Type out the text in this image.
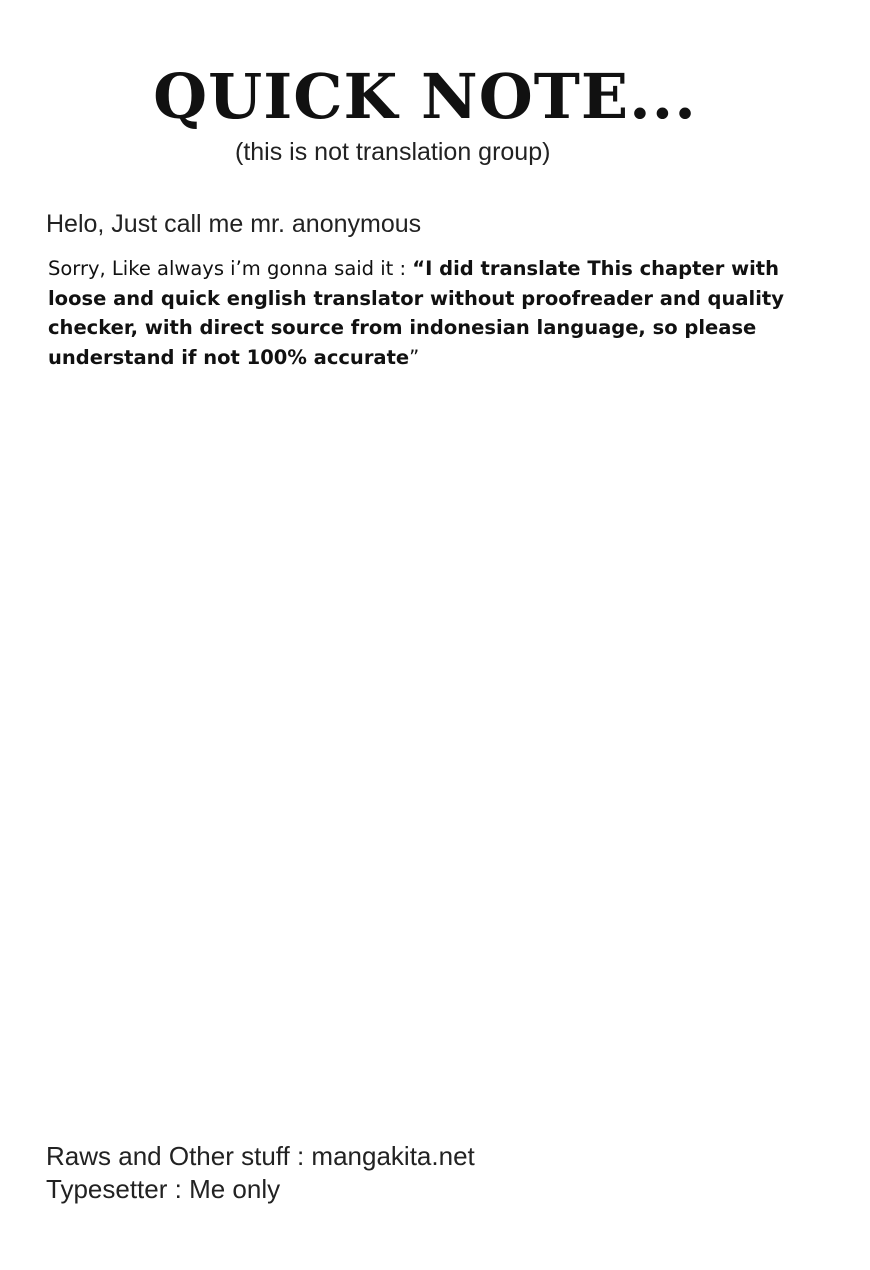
QUICK NOTE...
(this is not translation group)
Helo, Just call me mr. anonymous
Sorry, Like always i’m gonna said it : “I did translate This chapter with loose and quick english translator without proofreader and quality checker, with direct source from indonesian language, so please understand if not 100% accurate”
Raws and Other stuff : mangakita.net
Typesetter : Me only
